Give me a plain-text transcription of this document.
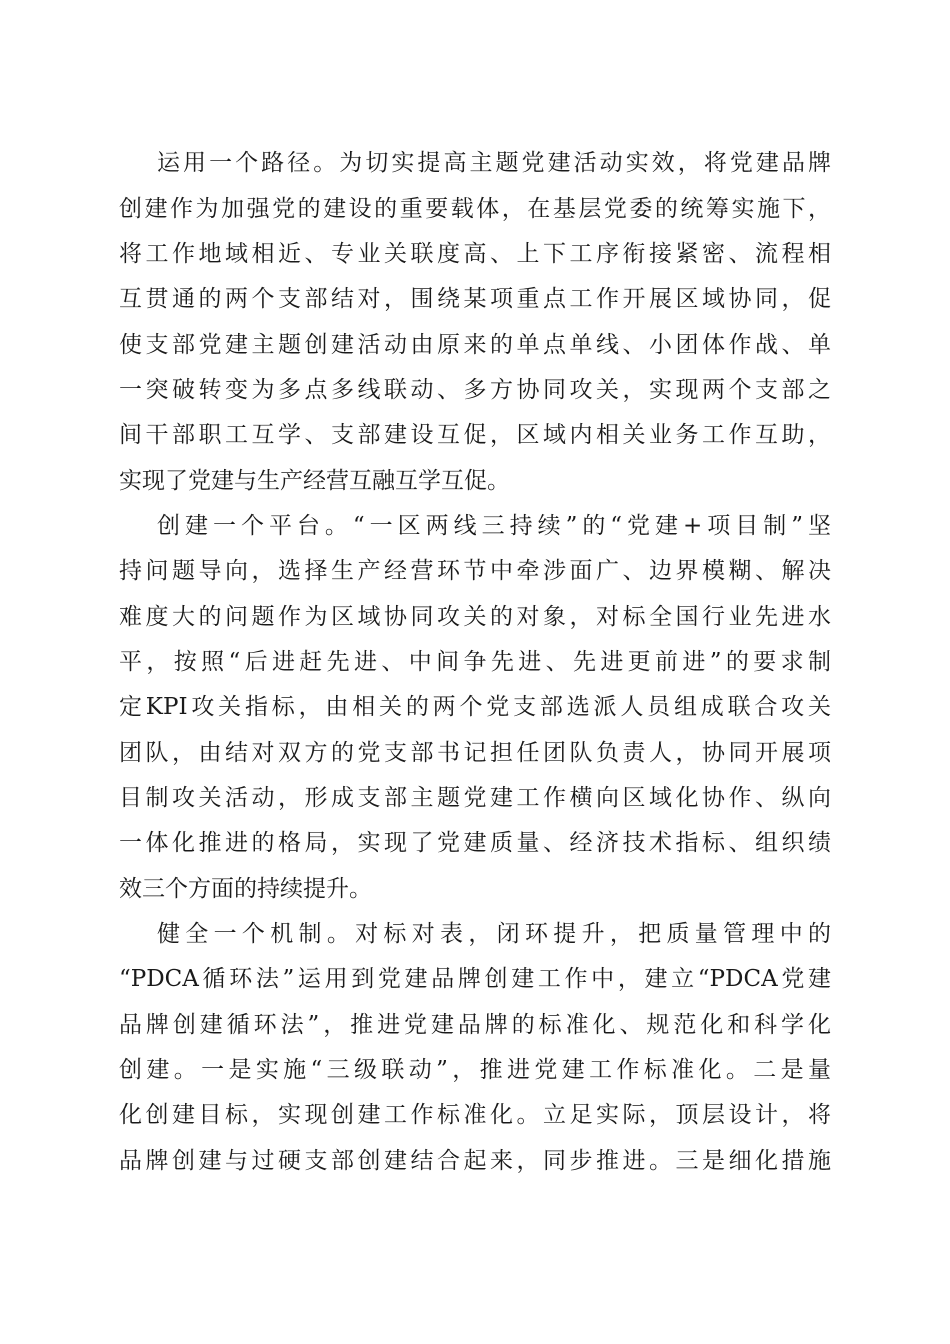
运用一个路径。为切实提高主题党建活动实效，将党建品牌

创建作为加强党的建设的重要载体，在基层党委的统筹实施下，

将工作地域相近、专业关联度高、上下工序衔接紧密、流程相

互贯通的两个支部结对，围绕某项重点工作开展区域协同，促

使支部党建主题创建活动由原来的单点单线、小团体作战、单

一突破转变为多点多线联动、多方协同攻关，实现两个支部之

间干部职工互学、支部建设互促，区域内相关业务工作互助，

实现了党建与生产经营互融互学互促。

创建一个平台。“一区两线三持续”的“党建+项目制”坚

持问题导向，选择生产经营环节中牵涉面广、边界模糊、解决

难度大的问题作为区域协同攻关的对象，对标全国行业先进水

平，按照“后进赶先进、中间争先进、先进更前进”的要求制

定KPI攻关指标，由相关的两个党支部选派人员组成联合攻关

团队，由结对双方的党支部书记担任团队负责人，协同开展项

目制攻关活动，形成支部主题党建工作横向区域化协作、纵向

一体化推进的格局，实现了党建质量、经济技术指标、组织绩

效三个方面的持续提升。

健全一个机制。对标对表，闭环提升，把质量管理中的

“PDCA循环法”运用到党建品牌创建工作中，建立“PDCA党建

品牌创建循环法”，推进党建品牌的标准化、规范化和科学化

创建。一是实施“三级联动”，推进党建工作标准化。二是量

化创建目标，实现创建工作标准化。立足实际，顶层设计，将

品牌创建与过硬支部创建结合起来，同步推进。三是细化措施
